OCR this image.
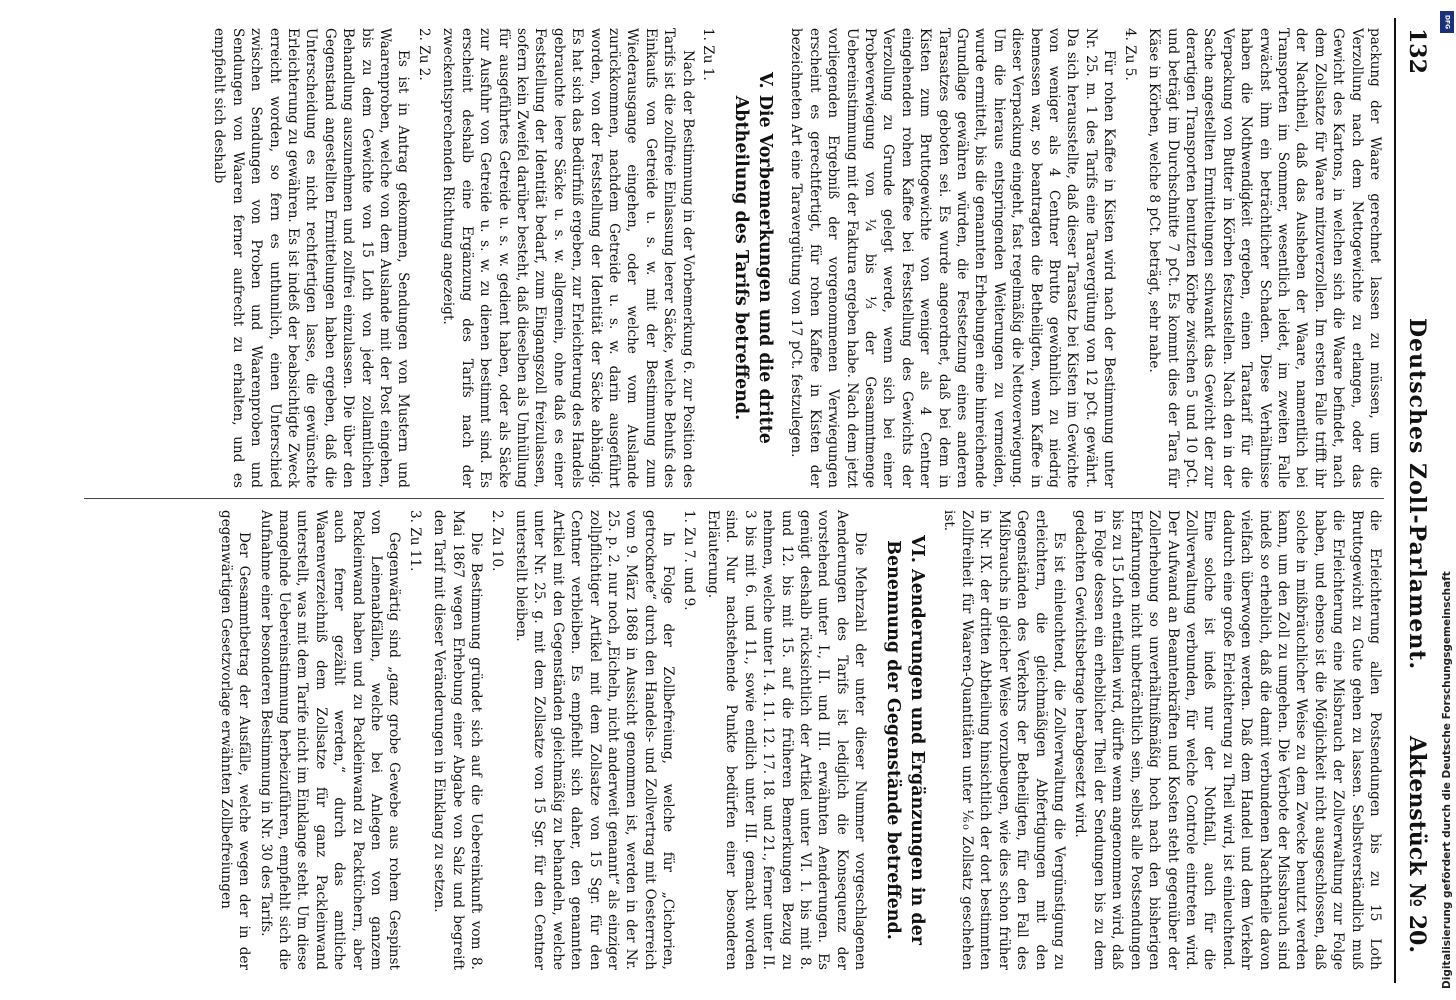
132
Deutsches Zoll-Parlament.
Aktenstück № 20.

packung der Waare gerechnet lassen zu müssen, um die Verzollung nach dem Nettogewichte zu erlangen, oder das Gewicht des Kartons, in welchen sich die Waare befindet, nach dem Zollsatze für Waare mitzuverzollen. Im ersten Falle trifft ihr der Nachtheil, daß das Ausheben der Waare, namentlich bei Transporten im Sommer, wesentlich leidet, im zweiten Falle erwächst ihm ein beträchtlicher Schaden. Diese Verhältnisse haben die Nothwendigkeit ergeben, einen Taratarif für die Verpackung von Butter in Körben festzustellen. Nach den in der Sache angestellten Ermittelungen schwankt das Gewicht der zur derartigen Transporten benutzten Körbe zwischen 5 und 10 pCt. und beträgt im Durchschnitte 7 pCt. Es kommt dies der Tara für Käse in Körben, welche 8 pCt. beträgt, sehr nahe.

4. Zu 5.

Für rohen Kaffee in Kisten wird nach der Bestimmung unter Nr. 25. m. 1 des Tarifs eine Taravergütung von 12 pCt. gewährt. Da sich herausstellte, daß dieser Tarasatz bei Kisten im Gewichte von weniger als 4 Centner Brutto gewöhnlich zu niedrig bemessen war, so beantragten die Betheiligten, wenn Kaffee in dieser Verpackung eingeht, fast regelmäßig die Nettoverwiegung. Um die hieraus entspringenden Weiterungen zu vermeiden, wurde ermittelt, bis die genannten Erhebungen eine hinreichende Grundlage gewähren würden, die Festsetzung eines anderen Tarasatzes geboten sei. Es wurde angeordnet, daß bei dem in Kisten zum Bruttogewichte von weniger als 4 Centner eingehenden rohen Kaffee bei Feststellung des Gewichts der Verzollung zu Grunde gelegt werde, wenn sich bei einer Probeverwiegung von ¼ bis ⅓ der Gesammtmenge Uebereinstimmung mit der Faktura ergeben habe. Nach dem jetzt vorliegenden Ergebniß der vorgenommenen Verwiegungen erscheint es gerechtfertigt, für rohen Kaffee in Kisten der bezeichneten Art eine Taravergütung von 17 pCt. festzulegen.

V. Die Vorbemerkungen und die dritte Abtheilung des Tarifs betreffend.

1. Zu 1.

Nach der Bestimmung in der Vorbemerkung 6. zur Position des Tarifs ist die zollfreie Einlassung leerer Säcke, welche Behufs des Einkaufs von Getreide u. s. w. mit der Bestimmung zum Wiederausgange eingehen, oder welche vom Auslande zurückkommen, nachdem Getreide u. s. w. darin ausgeführt worden, von der Feststellung der Identität der Säcke abhängig. Es hat sich das Bedürfniß ergeben, zur Erleichterung des Handels gebrauchte leere Säcke u. s. w. allgemein, ohne daß es einer Feststellung der Identität bedarf, zum Eingangszoll freizulassen, sofern kein Zweifel darüber besteht, daß dieselben als Umhüllung für ausgeführtes Getreide u. s. w. gedient haben, oder als Säcke zur Ausfuhr von Getreide u. s. w. zu dienen bestimmt sind. Es erscheint deshalb eine Ergänzung des Tarifs nach der zweckentsprechenden Richtung angezeigt.

2. Zu 2.

Es ist in Antrag gekommen, Sendungen von Mustern und Waarenproben, welche von dem Auslande mit der Post eingehen, bis zu dem Gewichte von 15 Loth von jeder zollamtlichen Behandlung auszunehmen und zollfrei einzulassen. Die über den Gegenstand angestellten Ermittelungen haben ergeben, daß die Unterscheidung es nicht rechtfertigen lasse, die gewünschte Erleichterung zu gewähren. Es ist indeß der beabsichtigte Zweck erreicht worden, so fern es unthunlich, einen Unterschied zwischen Sendungen von Proben und Waarenproben und Sendungen von Waaren ferner aufrecht zu erhalten, und es empfiehlt sich deshalb

die Erleichterung allen Postsendungen bis zu 15 Loth Bruttogewicht zu Gute gehen zu lassen. Selbstverständlich muß die Erleichterung eine Misbrauch der Zollverwaltung zur Folge haben, und ebenso ist die Möglichkeit nicht ausgeschlossen, daß solche in mißbräuchlicher Weise zu dem Zwecke benutzt werden kann, um den Zoll zu umgehen. Die Verbote der Missbrauch sind indeß so erheblich, daß die damit verbundenen Nachtheile davon vielfach überwogen werden. Daß dem Handel und dem Verkehr dadurch eine große Erleichterung zu Theil wird, ist einleuchtend. Eine solche ist indeß nur der Nothfall, auch für die Zollverwaltung verbunden, für welche Controle eintreten wird. Der Aufwand an Beamtenkräften und Kosten steht gegenüber der Zollerhebung so unverhältnißmäßig hoch nach den bisherigen Erfahrungen nicht unbeträchtlich sein, selbst alle Postsendungen bis zu 15 Loth entfallen wird, dürfte wenn angenommen wird, daß in Folge dessen ein erheblicher Theil der Sendungen bis zu dem gedachten Gewichtsbetrage herabgesetzt wird.

Es ist einleuchtend, die Zollverwaltung die Vergünstigung zu erleichtern, die gleichmäßigen Abfertigungen mit den Gegenständen des Verkehrs der Betheiligten, für den Fall des Mißbrauchs in gleicher Weise vorzubeugen, wie dies schon früher in Nr. IX. der dritten Abtheilung hinsichtlich der dort bestimmten Zollfreiheit für Waaren-Quantitäten unter ⅙₀ Zollsatz geschehen ist.

VI. Aenderungen und Ergänzungen in der Benennung der Gegenstände betreffend.

Die Mehrzahl der unter dieser Nummer vorgeschlagenen Aenderungen des Tarifs ist lediglich die Konsequenz der vorstehend unter I., II. und III. erwähnten Aenderungen. Es genügt deshalb rücksichtlich der Artikel unter VI. 1. bis mit 8. und 12. bis mit 15. auf die früheren Bemerkungen Bezug zu nehmen, welche unter I. 4. 11. 12. 17. 18. und 21., ferner unter II. 3 bis mit 6. und 11., sowie endlich unter III. gemacht worden sind. Nur nachstehende Punkte bedürfen einer besonderen Erläuterung.

1. Zu 7. und 9.

In Folge der Zollbefreiung, welche für „Cichorien, getrocknete“ durch den Handels- und Zollvertrag mit Oesterreich vom 9. März 1868 in Aussicht genommen ist, werden in der Nr. 25. p. 2. nur noch „Eicheln, nicht anderweit genannt“ als einziger zollpflichtiger Artikel mit dem Zollsatze von 15 Sgr. für den Centner verbleiben. Es empfiehlt sich daher, den genannten Artikel mit den Gegenständen gleichmäßig zu behandeln, welche unter Nr. 25. g. mit dem Zollsatze von 15 Sgr. für den Centner unterstellt bleiben.

2. Zu 10.

Die Bestimmung gründet sich auf die Uebereinkunft vom 8. Mai 1867 wegen Erhebung einer Abgabe von Salz und begreift den Tarif mit dieser Veränderungen in Einklang zu setzen.

3. Zu 11.

Gegenwärtig sind „ganz grobe Gewebe aus rohem Gespinst von Leinenabfällen, welche bei Anlegen von ganzem Packleinwand haben und zu Packleinwand zu Packtüchern, aber auch ferner gezählt werden,“ durch das amtliche Waarenverzeichniß dem Zollsatze für ganz Packleinwand unterstellt, was mit dem Tarife nicht im Einklange steht. Um diese mangelnde Uebereinstimmung herbeizuführen, empfiehlt sich die Aufnahme einer besonderen Bestimmung in Nr. 30 des Tarifs.

Der Gesammtbetrag der Ausfälle, welche wegen der in der gegenwärtigen Gesetzvorlage erwähnten Zollbefreiungen

DFG
Digitalisierung gefördert durch die Deutsche Forschungsgemeinschaft
